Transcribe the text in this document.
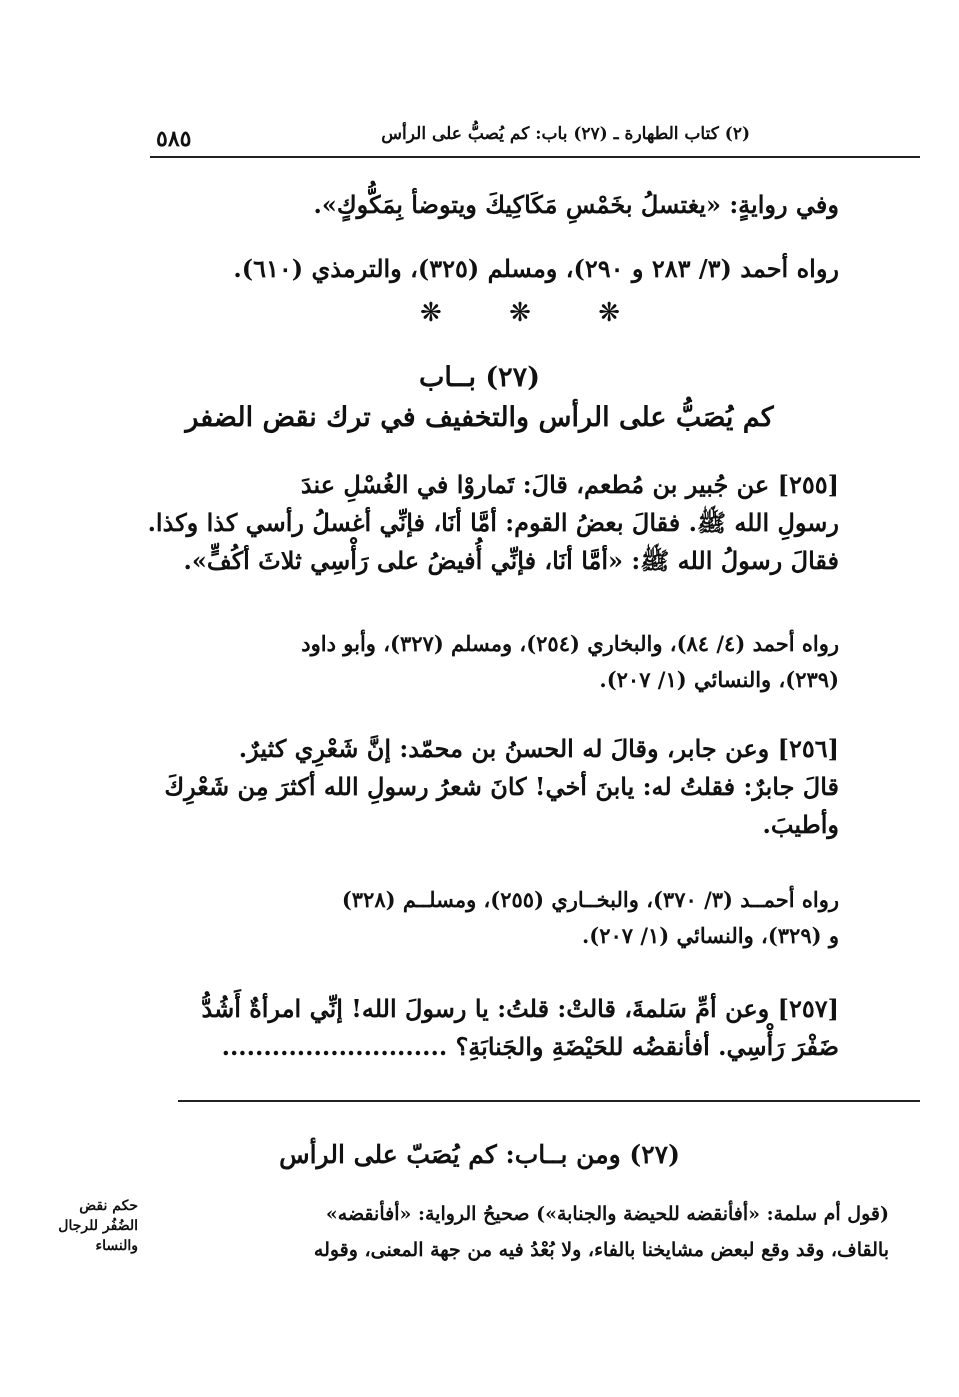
٥٨٥	(٢) كتاب الطهارة ـ (٢٧) باب: كم يُصبُّ على الرأس
وفي روايةٍ: «يغتسلُ بخَمْسِ مَكَاكِيكَ ويتوضأ بِمَكُّوكٍ».
رواه أحمد (٣/ ٢٨٣ و ٢٩٠)، ومسلم (٣٢٥)، والترمذي (٦١٠).
❋	❋	❋
(٢٧) بــاب
كم يُصَبُّ على الرأس والتخفيف في ترك نقض الضفر
[٢٥٥] عن جُبير بن مُطعم، قالَ: تَماروْا في الغُسْلِ عندَ
رسولِ الله ﷺ. فقالَ بعضُ القوم: أمَّا أنَا، فإنِّي أغسلُ رأسي كذا وكذا.
فقالَ رسولُ الله ﷺ: «أمَّا أنَا، فإنِّي أُفيضُ على رَأْسِي ثلاثَ أكُفٍّ».
رواه أحمد (٤/ ٨٤)، والبخاري (٢٥٤)، ومسلم (٣٢٧)، وأبو داود
(٢٣٩)، والنسائي (١/ ٢٠٧).
[٢٥٦] وعن جابر، وقالَ له الحسنُ بن محمّد: إنَّ شَعْرِي كثيرٌ.
قالَ جابرٌ: فقلتُ له: يابنَ أخي! كانَ شعرُ رسولِ الله أكثرَ مِن شَعْرِكَ
وأطيبَ.
رواه أحمــد (٣/ ٣٧٠)، والبخــاري (٢٥٥)، ومسلــم (٣٢٨)
و (٣٢٩)، والنسائي (١/ ٢٠٧).
[٢٥٧] وعن أمِّ سَلمةَ، قالتْ: قلتُ: يا رسولَ الله! إنِّي امرأةٌ أَشُدُّ
ضَفْرَ رَأْسِي. أفأنقضُه للحَيْضَةِ والجَنابَةِ؟ ...........................
(٢٧) ومن بــاب: كم يُصَبّ على الرأس
(قول أم سلمة: «أفأنقضه للحيضة والجنابة») صحيحُ الرواية: «أفأنقضه»
بالقاف، وقد وقع لبعض مشايخنا بالفاء، ولا بُعْدُ فيه من جهة المعنى، وقوله
حكم نقض
الضُفُر للرجال
والنساء
